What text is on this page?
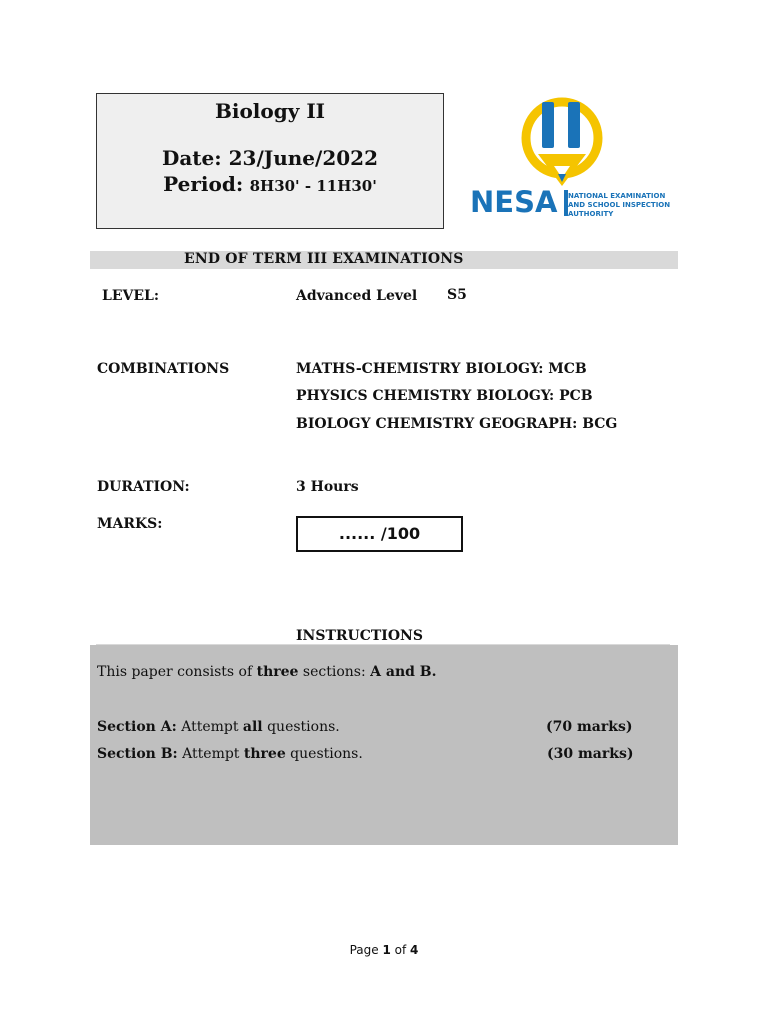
Biology II
Date: 23/June/2022
Period: 8H30' - 11H30'	NESA NATIONAL EXAMINATION
AND SCHOOL INSPECTION
AUTHORITY
END OF TERM III EXAMINATIONS
LEVEL:	Advanced Level S5
COMBINATIONS	MATHS-CHEMISTRY BIOLOGY: MCB
PHYSICS CHEMISTRY BIOLOGY: PCB
BIOLOGY CHEMISTRY GEOGRAPH: BCG
DURATION:	3 Hours
MARKS:	...... /100
INSTRUCTIONS
This paper consists of three sections: A and B.
Section A: Attempt all questions.	(70 marks)
Section B: Attempt three questions.	(30 marks)
Page 1 of 4
